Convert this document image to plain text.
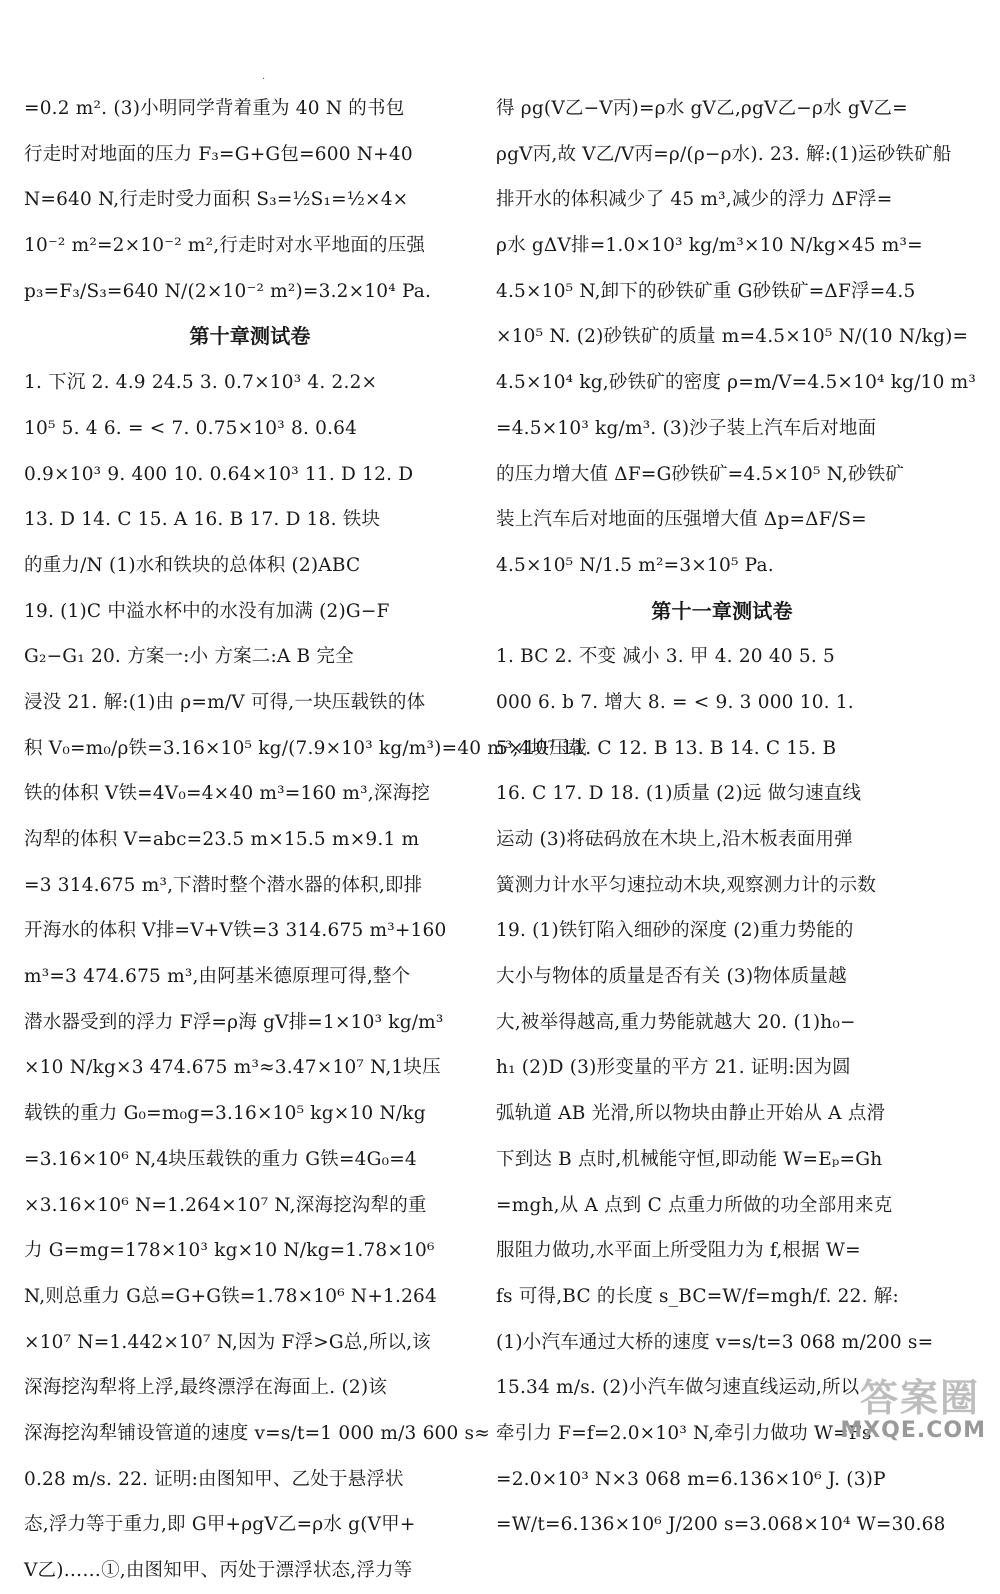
·
=0.2 m². (3)小明同学背着重为 40 N 的书包
行走时对地面的压力 F₃=G+G包=600 N+40
N=640 N,行走时受力面积 S₃=½S₁=½×4×
10⁻² m²=2×10⁻² m²,行走时对水平地面的压强
p₃=F₃/S₃=640 N/(2×10⁻² m²)=3.2×10⁴ Pa.
第十章测试卷
1. 下沉 2. 4.9 24.5 3. 0.7×10³ 4. 2.2×
10⁵ 5. 4 6. = < 7. 0.75×10³ 8. 0.64
0.9×10³ 9. 400 10. 0.64×10³ 11. D 12. D
13. D 14. C 15. A 16. B 17. D 18. 铁块
的重力/N (1)水和铁块的总体积 (2)ABC
19. (1)C 中溢水杯中的水没有加满 (2)G−F
G₂−G₁ 20. 方案一:小 方案二:A B 完全
浸没 21. 解:(1)由 ρ=m/V 可得,一块压载铁的体
积 V₀=m₀/ρ铁=3.16×10⁵ kg/(7.9×10³ kg/m³)=40 m³,4块压载
铁的体积 V铁=4V₀=4×40 m³=160 m³,深海挖
沟犁的体积 V=abc=23.5 m×15.5 m×9.1 m
=3 314.675 m³,下潜时整个潜水器的体积,即排
开海水的体积 V排=V+V铁=3 314.675 m³+160
m³=3 474.675 m³,由阿基米德原理可得,整个
潜水器受到的浮力 F浮=ρ海 gV排=1×10³ kg/m³
×10 N/kg×3 474.675 m³≈3.47×10⁷ N,1块压
载铁的重力 G₀=m₀g=3.16×10⁵ kg×10 N/kg
=3.16×10⁶ N,4块压载铁的重力 G铁=4G₀=4
×3.16×10⁶ N=1.264×10⁷ N,深海挖沟犁的重
力 G=mg=178×10³ kg×10 N/kg=1.78×10⁶
N,则总重力 G总=G+G铁=1.78×10⁶ N+1.264
×10⁷ N=1.442×10⁷ N,因为 F浮>G总,所以,该
深海挖沟犁将上浮,最终漂浮在海面上. (2)该
深海挖沟犁铺设管道的速度 v=s/t=1 000 m/3 600 s≈
0.28 m/s. 22. 证明:由图知甲、乙处于悬浮状
态,浮力等于重力,即 G甲+ρgV乙=ρ水 g(V甲+
V乙)……①,由图知甲、丙处于漂浮状态,浮力等
得 ρg(V乙−V丙)=ρ水 gV乙,ρgV乙−ρ水 gV乙=
ρgV丙,故 V乙/V丙=ρ/(ρ−ρ水). 23. 解:(1)运砂铁矿船
排开水的体积减少了 45 m³,减少的浮力 ΔF浮=
ρ水 gΔV排=1.0×10³ kg/m³×10 N/kg×45 m³=
4.5×10⁵ N,卸下的砂铁矿重 G砂铁矿=ΔF浮=4.5
×10⁵ N. (2)砂铁矿的质量 m=4.5×10⁵ N/(10 N/kg)=
4.5×10⁴ kg,砂铁矿的密度 ρ=m/V=4.5×10⁴ kg/10 m³
=4.5×10³ kg/m³. (3)沙子装上汽车后对地面
的压力增大值 ΔF=G砂铁矿=4.5×10⁵ N,砂铁矿
装上汽车后对地面的压强增大值 Δp=ΔF/S=
4.5×10⁵ N/1.5 m²=3×10⁵ Pa.
第十一章测试卷
1. BC 2. 不变 减小 3. 甲 4. 20 40 5. 5
000 6. b 7. 增大 8. = < 9. 3 000 10. 1.
5×10⁷ 11. C 12. B 13. B 14. C 15. B
16. C 17. D 18. (1)质量 (2)远 做匀速直线
运动 (3)将砝码放在木块上,沿木板表面用弹
簧测力计水平匀速拉动木块,观察测力计的示数
19. (1)铁钉陷入细砂的深度 (2)重力势能的
大小与物体的质量是否有关 (3)物体质量越
大,被举得越高,重力势能就越大 20. (1)h₀−
h₁ (2)D (3)形变量的平方 21. 证明:因为圆
弧轨道 AB 光滑,所以物块由静止开始从 A 点滑
下到达 B 点时,机械能守恒,即动能 W=Eₚ=Gh
=mgh,从 A 点到 C 点重力所做的功全部用来克
服阻力做功,水平面上所受阻力为 f,根据 W=
fs 可得,BC 的长度 s_BC=W/f=mgh/f. 22. 解:
(1)小汽车通过大桥的速度 v=s/t=3 068 m/200 s=
15.34 m/s. (2)小汽车做匀速直线运动,所以
牵引力 F=f=2.0×10³ N,牵引力做功 W=Fs
=2.0×10³ N×3 068 m=6.136×10⁶ J. (3)P
=W/t=6.136×10⁶ J/200 s=3.068×10⁴ W=30.68
答案圈
MXQE.COM
